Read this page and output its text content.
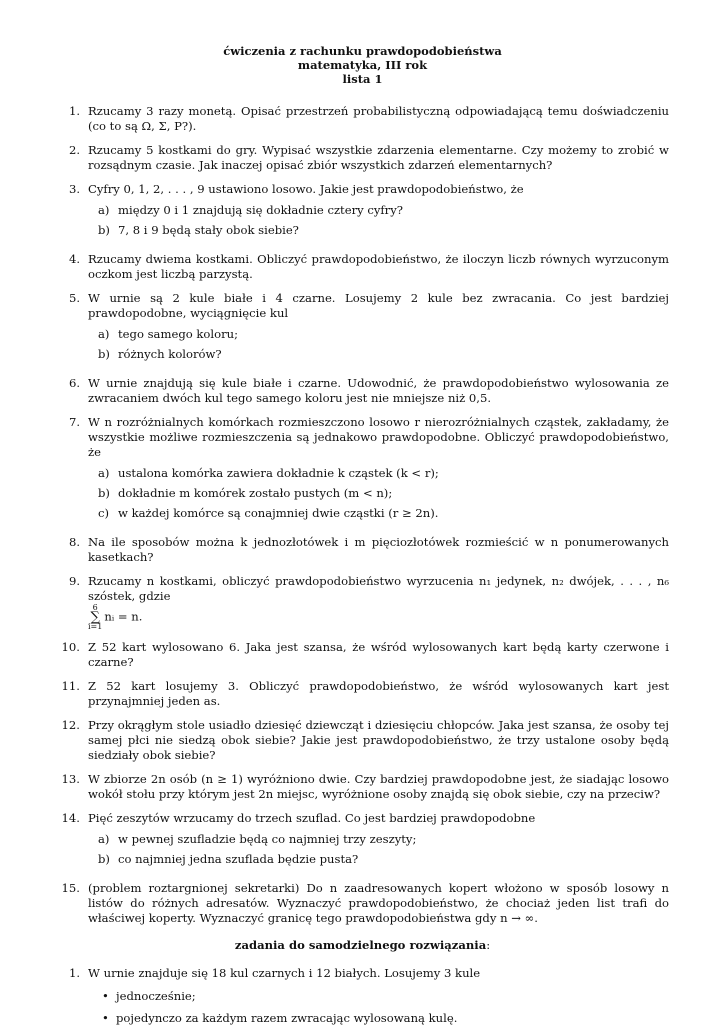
ćwiczenia z rachunku prawdopodobieństwa
matematyka, III rok
lista 1
1. Rzucamy 3 razy monetą. Opisać przestrzeń probabilistyczną odpowiadającą temu doświadczeniu (co to są Ω, Σ, P?).
2. Rzucamy 5 kostkami do gry. Wypisać wszystkie zdarzenia elementarne. Czy możemy to zrobić w rozsądnym czasie. Jak inaczej opisać zbiór wszystkich zdarzeń elementarnych?
3. Cyfry 0, 1, 2, . . . , 9 ustawiono losowo. Jakie jest prawdopodobieństwo, że
a) między 0 i 1 znajdują się dokładnie cztery cyfry?
b) 7, 8 i 9 będą stały obok siebie?
4. Rzucamy dwiema kostkami. Obliczyć prawdopodobieństwo, że iloczyn liczb równych wyrzuconym oczkom jest liczbą parzystą.
5. W urnie są 2 kule białe i 4 czarne. Losujemy 2 kule bez zwracania. Co jest bardziej prawdopodobne, wyciągnięcie kul
a) tego samego koloru;
b) różnych kolorów?
6. W urnie znajdują się kule białe i czarne. Udowodnić, że prawdopodobieństwo wylosowania ze zwracaniem dwóch kul tego samego koloru jest nie mniejsze niż 0,5.
7. W n rozróżnialnych komórkach rozmieszczono losowo r nierozróżnialnych cząstek, zakładamy, że wszystkie możliwe rozmieszczenia są jednakowo prawdopodobne. Obliczyć prawdopodobieństwo, że
a) ustalona komórka zawiera dokładnie k cząstek (k < r);
b) dokładnie m komórek zostało pustych (m < n);
c) w każdej komórce są conajmniej dwie cząstki (r ≥ 2n).
8. Na ile sposobów można k jednozłotówek i m pięciozłotówek rozmieścić w n ponumerowanych kasetkach?
9. Rzucamy n kostkami, obliczyć prawdopodobieństwo wyrzucenia n₁ jedynek, n₂ dwójek, . . . , n₆ szóstek, gdzie

6
∑
i=1
nᵢ = n.
10. Z 52 kart wylosowano 6. Jaka jest szansa, że wśród wylosowanych kart będą karty czerwone i czarne?
11. Z 52 kart losujemy 3. Obliczyć prawdopodobieństwo, że wśród wylosowanych kart jest przynajmniej jeden as.
12. Przy okrągłym stole usiadło dziesięć dziewcząt i dziesięciu chłopców. Jaka jest szansa, że osoby tej samej płci nie siedzą obok siebie? Jakie jest prawdopodobieństwo, że trzy ustalone osoby będą siedziały obok siebie?
13. W zbiorze 2n osób (n ≥ 1) wyróżniono dwie. Czy bardziej prawdopodobne jest, że siadając losowo wokół stołu przy którym jest 2n miejsc, wyróżnione osoby znajdą się obok siebie, czy na przeciw?
14. Pięć zeszytów wrzucamy do trzech szuflad. Co jest bardziej prawdopodobne
a) w pewnej szufladzie będą co najmniej trzy zeszyty;
b) co najmniej jedna szuflada będzie pusta?
15. (problem roztargnionej sekretarki) Do n zaadresowanych kopert włożono w sposób losowy n listów do różnych adresatów. Wyznaczyć prawdopodobieństwo, że chociaż jeden list trafi do właściwej koperty. Wyznaczyć granicę tego prawdopodobieństwa gdy n → ∞.
zadania do samodzielnego rozwiązania:
1. W urnie znajduje się 18 kul czarnych i 12 białych. Losujemy 3 kule
• jednocześnie;
• pojedynczo za każdym razem zwracając wylosowaną kulę.
